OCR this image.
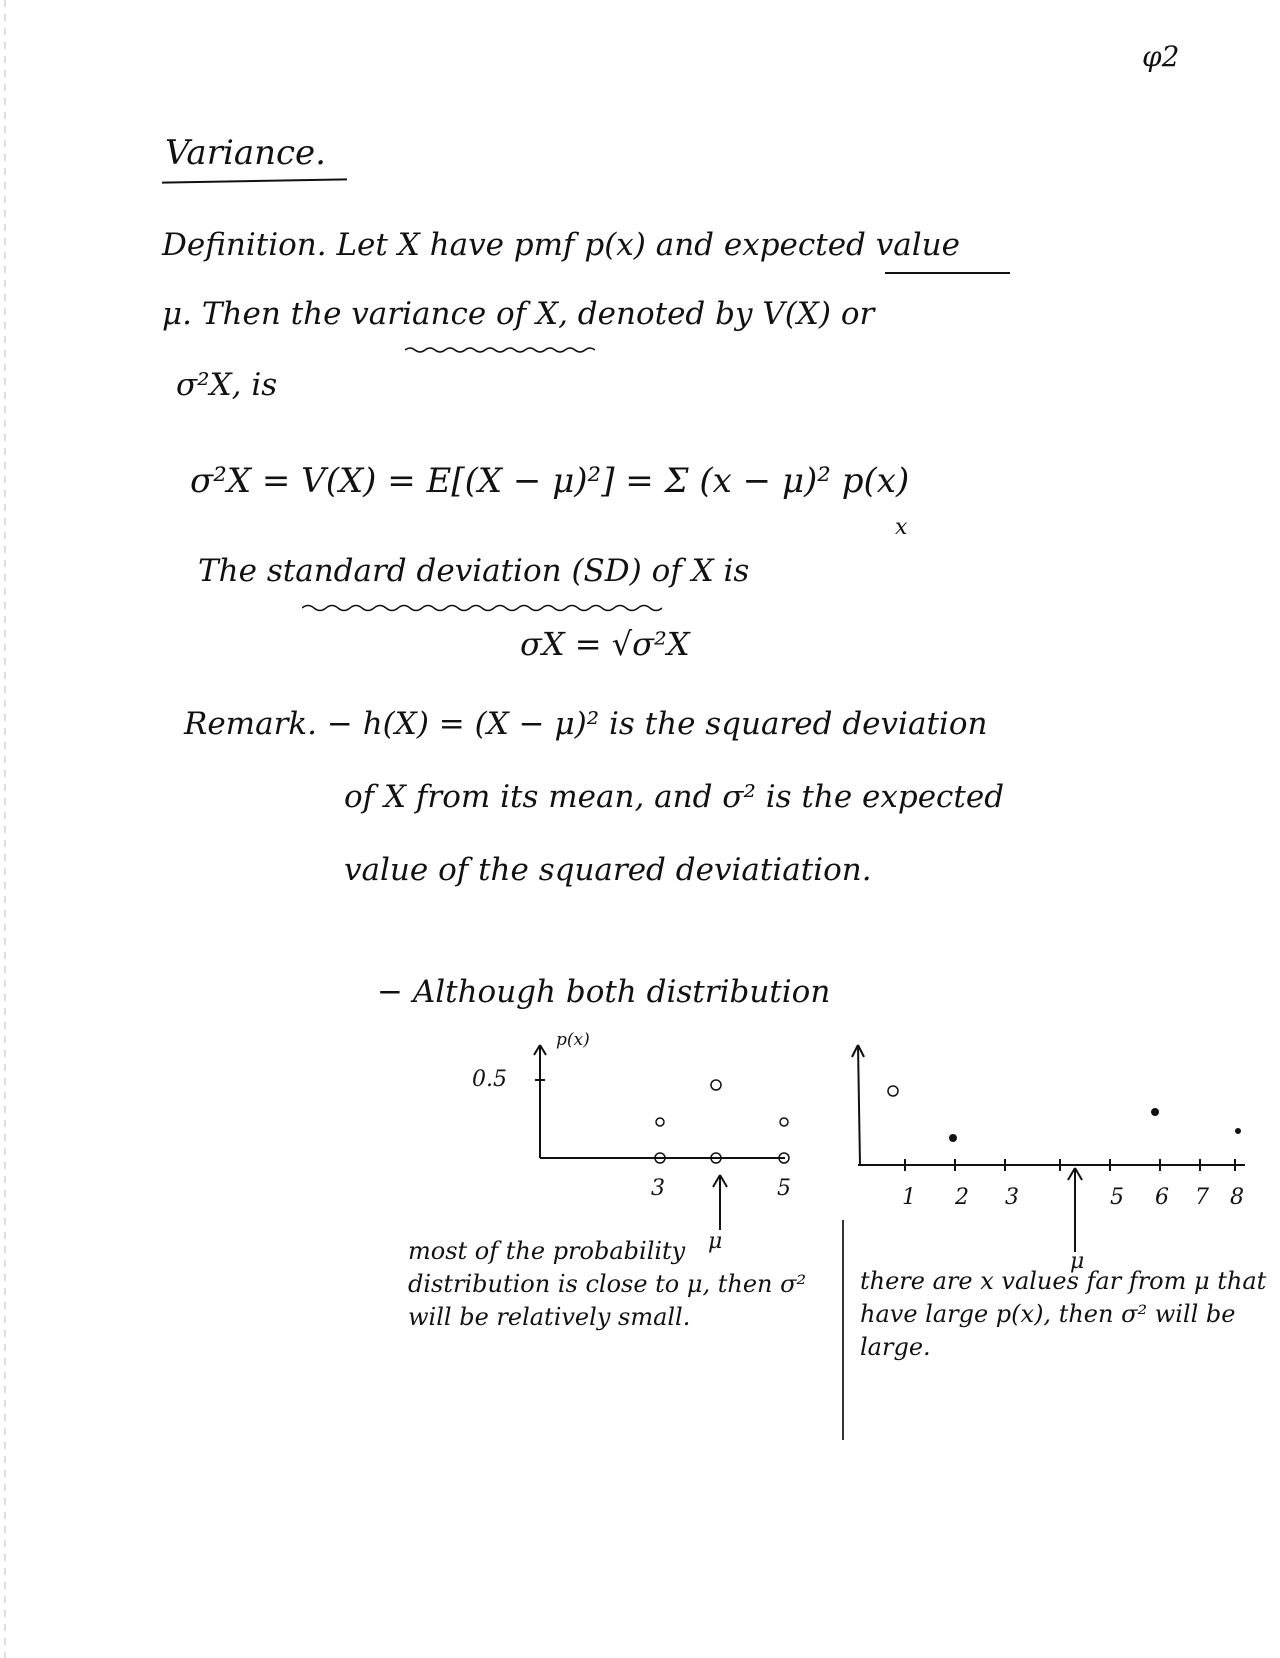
φ2
Variance.
Definition. Let X have pmf p(x) and expected value
μ. Then the variance of X, denoted by V(X) or
σ²X, is
σ²X = V(X) = E[(X − μ)²] = Σ (x − μ)² p(x)
x
The standard deviation (SD) of X is
σX = √σ²X
Remark. − h(X) = (X − μ)² is the squared deviation
of X from its mean, and σ² is the expected
value of the squared deviatiation.
− Although both distribution
p(x)
0.5
3	5
μ
1 2 3	5 6 7 8
μ
most of the probability distribution is close to μ, then σ² will be relatively small.
there are x values far from μ that have large p(x), then σ² will be large.
